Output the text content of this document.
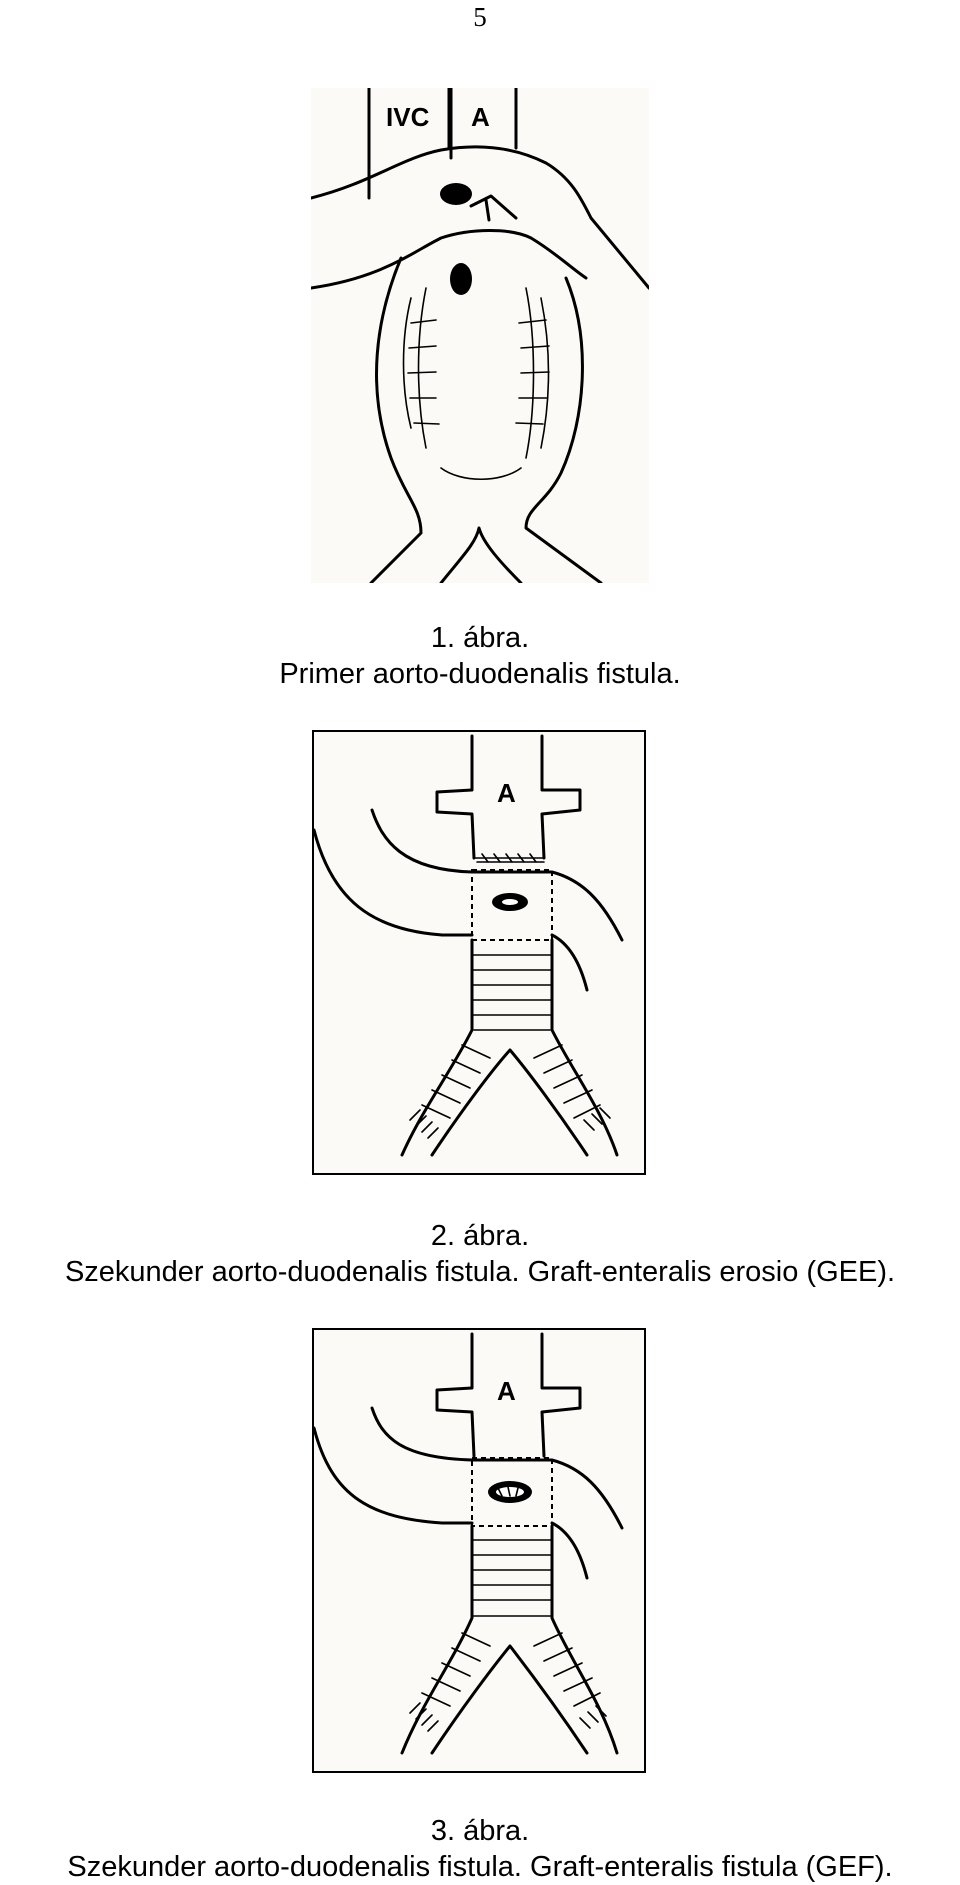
5
IVC A
1. ábra.
Primer aorto-duodenalis fistula.
A
2. ábra.
Szekunder aorto-duodenalis fistula. Graft-enteralis erosio (GEE).
A
3. ábra.
Szekunder aorto-duodenalis fistula. Graft-enteralis fistula (GEF).
